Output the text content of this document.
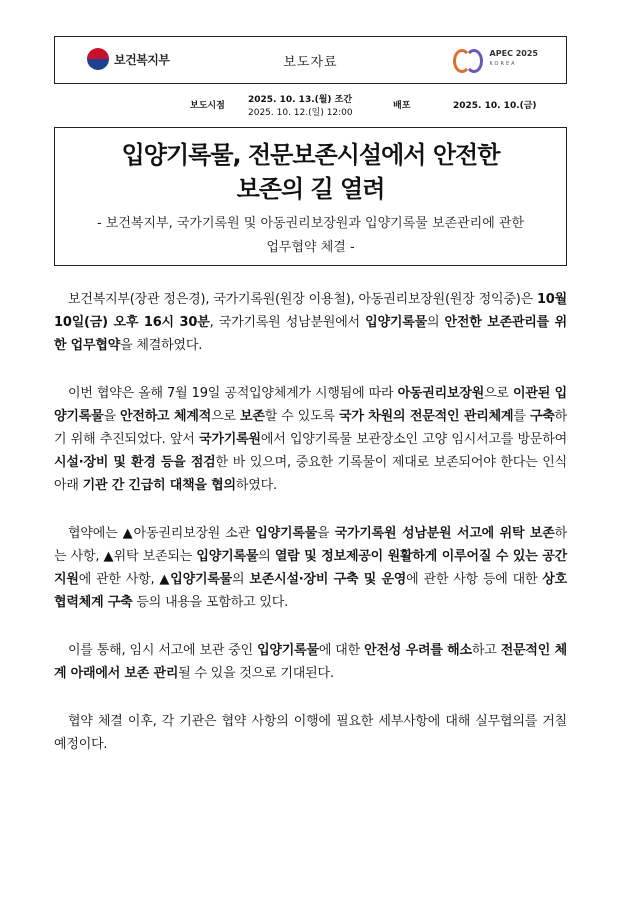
보건복지부	보도자료
APEC 2025
KOREA
보도시점
2025. 10. 13.(월) 조간
2025. 10. 12.(일) 12:00
배포	2025. 10. 10.(금)
입양기록물, 전문보존시설에서 안전한
보존의 길 열려
- 보건복지부, 국가기록원 및 아동권리보장원과 입양기록물 보존관리에 관한
업무협약 체결 -

보건복지부(장관 정은경), 국가기록원(원장 이용철), 아동권리보장원(원장 정익중)은 10월 10일(금) 오후 16시 30분, 국가기록원 성남분원에서 입양기록물의 안전한 보존관리를 위한 업무협약을 체결하였다.

이번 협약은 올해 7월 19일 공적입양체계가 시행됨에 따라 아동권리보장원으로 이관된 입양기록물을 안전하고 체계적으로 보존할 수 있도록 국가 차원의 전문적인 관리체계를 구축하기 위해 추진되었다. 앞서 국가기록원에서 입양기록물 보관장소인 고양 임시서고를 방문하여 시설·장비 및 환경 등을 점검한 바 있으며, 중요한 기록물이 제대로 보존되어야 한다는 인식 아래 기관 간 긴급히 대책을 협의하였다.

협약에는 ▲아동권리보장원 소관 입양기록물을 국가기록원 성남분원 서고에 위탁 보존하는 사항, ▲위탁 보존되는 입양기록물의 열람 및 정보제공이 원활하게 이루어질 수 있는 공간 지원에 관한 사항, ▲입양기록물의 보존시설·장비 구축 및 운영에 관한 사항 등에 대한 상호 협력체계 구축 등의 내용을 포함하고 있다.

이를 통해, 임시 서고에 보관 중인 입양기록물에 대한 안전성 우려를 해소하고 전문적인 체계 아래에서 보존 관리될 수 있을 것으로 기대된다.

협약 체결 이후, 각 기관은 협약 사항의 이행에 필요한 세부사항에 대해 실무협의를 거칠 예정이다.
